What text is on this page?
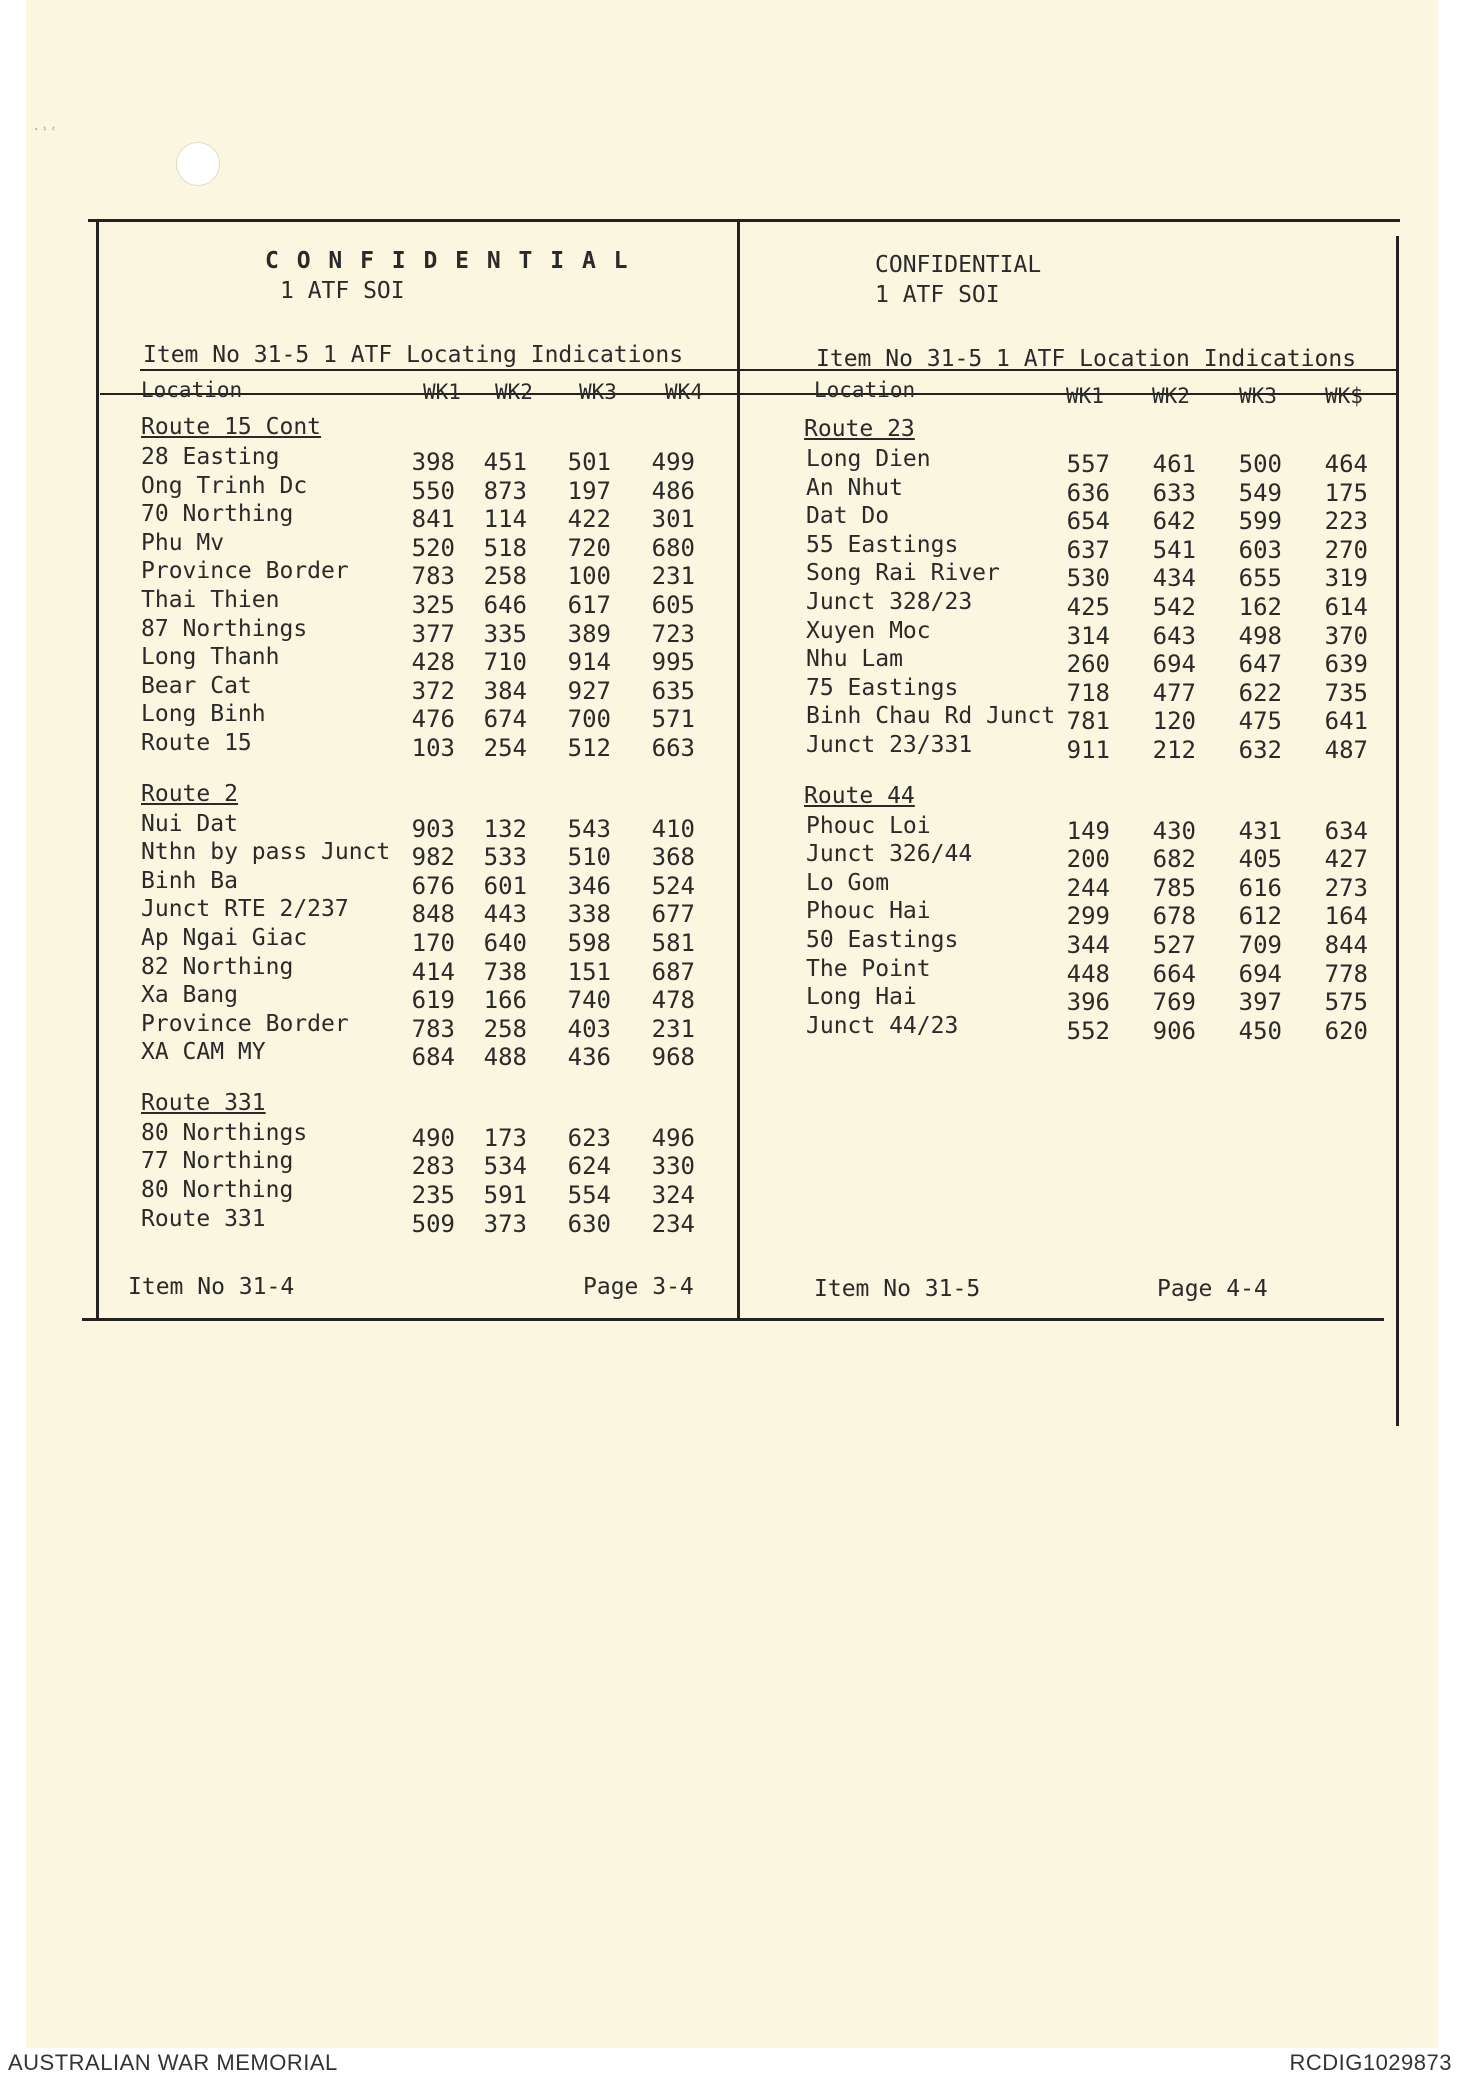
· ˒ ˓
C O N F I D E N T I A L
1 ATF SOI
Item No 31-5 1 ATF Locating Indications
Location	WK1 WK2 WK3 WK4
Route 15 Cont
28 Easting	398	451	501	499
Ong Trinh Dc	550	873	197	486
70 Northing	841	114	422	301
Phu Mv	520	518	720	680
Province Border	783	258	100	231
Thai Thien	325	646	617	605
87 Northings	377	335	389	723
Long Thanh	428	710	914	995
Bear Cat	372	384	927	635
Long Binh	476	674	700	571
Route 15	103	254	512	663
Route 2
Nui Dat	903	132	543	410
Nthn by pass Junct 982	533	510	368
Binh Ba	676	601	346	524
Junct RTE 2/237	848	443	338	677
Ap Ngai Giac	170	640	598	581
82 Northing	414	738	151	687
Xa Bang	619	166	740	478
Province Border	783	258	403	231
XA CAM MY	684	488	436	968
Route 331
80 Northings	490	173	623	496
77 Northing	283	534	624	330
80 Northing	235	591	554	324
Route 331	509	373	630	234
Item No 31-4	Page 3-4
CONFIDENTIAL
1 ATF SOI
Item No 31-5 1 ATF Location Indications
Location	WK1 WK2 WK3 WK$
Route 23
Long Dien	557	461	500	464
An Nhut	636	633	549	175
Dat Do	654	642	599	223
55 Eastings	637	541	603	270
Song Rai River	530	434	655	319
Junct 328/23	425	542	162	614
Xuyen Moc	314	643	498	370
Nhu Lam	260	694	647	639
75 Eastings	718	477	622	735
Binh Chau Rd Junct 781	120	475	641
Junct 23/331	911	212	632	487
Route 44
Phouc Loi	149	430	431	634
Junct 326/44	200	682	405	427
Lo Gom	244	785	616	273
Phouc Hai	299	678	612	164
50 Eastings	344	527	709	844
The Point	448	664	694	778
Long Hai	396	769	397	575
Junct 44/23	552	906	450	620
Item No 31-5	Page 4-4
AUSTRALIAN WAR MEMORIAL	RCDIG1029873
